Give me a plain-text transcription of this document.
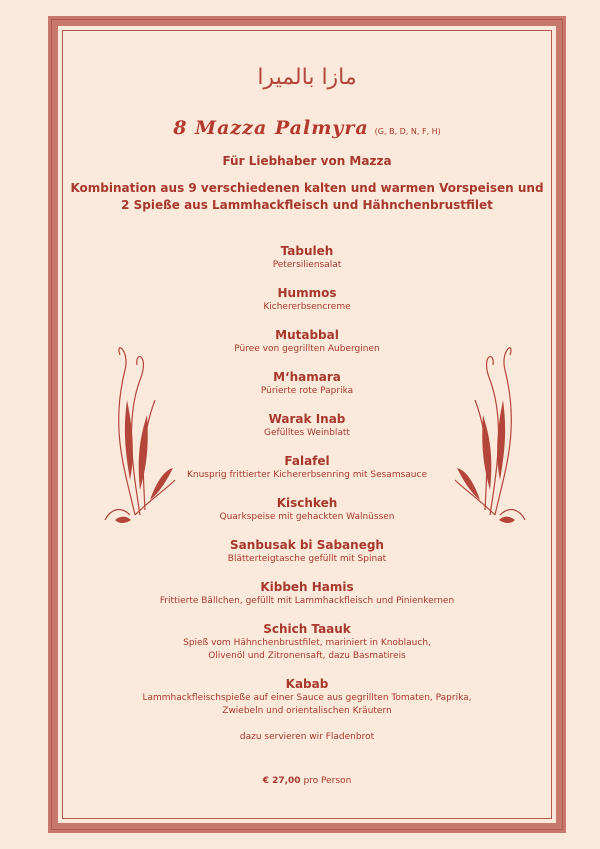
مازا بالميرا
8 Mazza Palmyra (G, B, D, N, F, H)
Für Liebhaber von Mazza
Kombination aus 9 verschiedenen kalten und warmen Vorspeisen und 2 Spieße aus Lammhackfleisch und Hähnchenbrustfilet
Tabuleh
Petersiliensalat
Hummos
Kichererbsencreme
Mutabbal
Püree von gegrillten Auberginen
M‘hamara
Pürierte rote Paprika
Warak Inab
Gefülltes Weinblatt
Falafel
Knusprig frittierter Kichererbsenring mit Sesamsauce
Kischkeh
Quarkspeise mit gehackten Walnüssen
Sanbusak bi Sabanegh
Blätterteigtasche gefüllt mit Spinat
Kibbeh Hamis
Frittierte Bällchen, gefüllt mit Lammhackfleisch und Pinienkernen
Schich Taauk
Spieß vom Hähnchenbrustfilet, mariniert in Knoblauch,
Olivenöl und Zitronensaft, dazu Basmatireis
Kabab
Lammhackfleischspieße auf einer Sauce aus gegrillten Tomaten, Paprika,
Zwiebeln und orientalischen Kräutern
dazu servieren wir Fladenbrot
€ 27,00 pro Person
